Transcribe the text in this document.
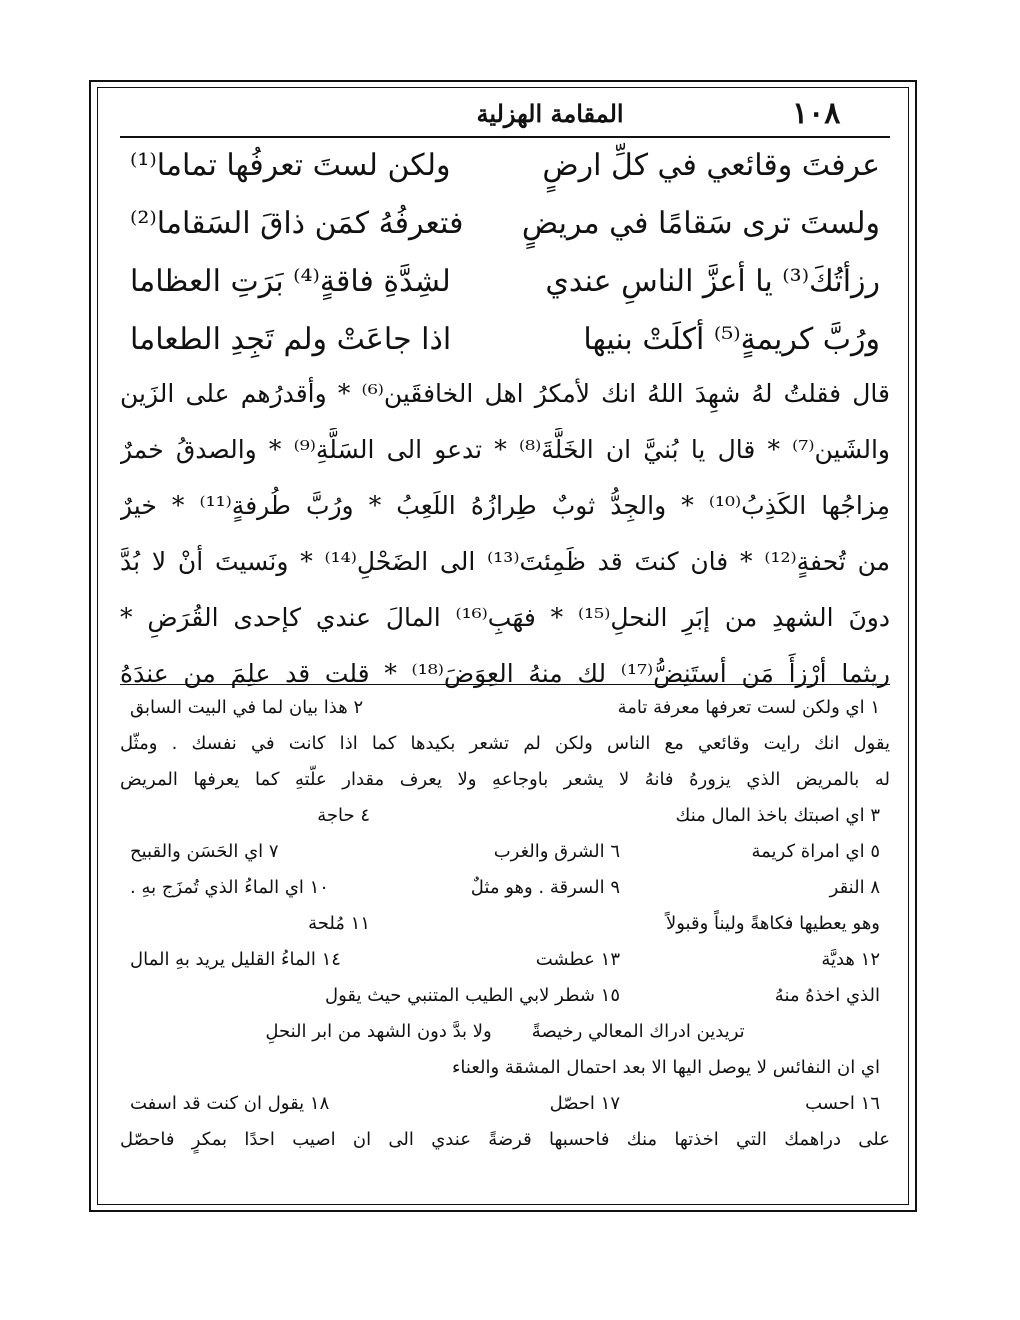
المقامة الهزلية	١٠٨
عرفتَ وقائعي في كلِّ ارضٍ
ولكن لستَ تعرفُها تماما⁽¹⁾
ولستَ ترى سَقامًا في مريضٍ
فتعرفُهُ كمَن ذاقَ السَقاما⁽²⁾
رزأتُكَ⁽³⁾ يا أعزَّ الناسِ عندي
لشِدَّةِ فاقةٍ⁽⁴⁾ بَرَتِ العظاما
ورُبَّ كريمةٍ⁽⁵⁾ أكلَتْ بنيها
اذا جاعَتْ ولم تَجِدِ الطعاما
قال فقلتُ لهُ شهِدَ اللهُ انك لأمكرُ اهل الخافقَين⁽⁶⁾ * وأقدرُهم على الزَين
والشَين⁽⁷⁾ * قال يا بُنيَّ ان الخَلَّةَ⁽⁸⁾ * تدعو الى السَلَّةِ⁽⁹⁾ * والصدقُ خمرٌ
مِزاجُها الكَذِبُ⁽¹⁰⁾ * والجِدُّ ثوبٌ طِرازُهُ اللَعِبُ * ورُبَّ طُرفةٍ⁽¹¹⁾ * خيرٌ
من تُحفةٍ⁽¹²⁾ * فان كنتَ قد ظَمِئتَ⁽¹³⁾ الى الضَحْلِ⁽¹⁴⁾ * ونَسيتَ أنْ لا بُدَّ
دونَ الشهدِ من إبَرِ النحلِ⁽¹⁵⁾ * فهَبِ⁽¹⁶⁾ المالَ عندي كإحدى القُرَضِ *
ريثما أرْزأَ مَن أستَنِضُّ⁽¹⁷⁾ لك منهُ العِوَضَ⁽¹⁸⁾ * قلت قد علِمَ من عندَهُ
١ اي ولكن لست تعرفها معرفة تامة
٢ هذا بيان لما في البيت السابق
يقول انك رايت وقائعي مع الناس ولكن لم تشعر بكيدها كما اذا كانت في نفسك . ومثّل
له بالمريض الذي يزورهُ فانهُ لا يشعر باوجاعهِ ولا يعرف مقدار علّتهِ كما يعرفها المريض
٣ اي اصبتك باخذ المال منك
٤ حاجة
٥ اي امراة كريمة
٦ الشرق والغرب
٧ اي الحَسَن والقبيح
٨ النقر
٩ السرقة . وهو مثلٌ
١٠ اي الماءُ الذي تُمزَج بهِ .
وهو يعطيها فكاهةً وليناً وقبولاً
١١ مُلحة
١٢ هديَّة
١٣ عطشت
١٤ الماءُ القليل يريد بهِ المال
الذي اخذهُ منهُ
١٥ شطر لابي الطيب المتنبي حيث يقول
تريدين ادراك المعالي رخيصةً       ولا بدَّ دون الشهد من ابر النحلِ
اي ان النفائس لا يوصل اليها الا بعد احتمال المشقة والعناء
١٦ احسب
١٧ احصّل
١٨ يقول ان كنت قد اسفت
على دراهمك التي اخذتها منك فاحسبها قرضةً عندي الى ان اصيب احدًا بمكرٍ فاحصّل
